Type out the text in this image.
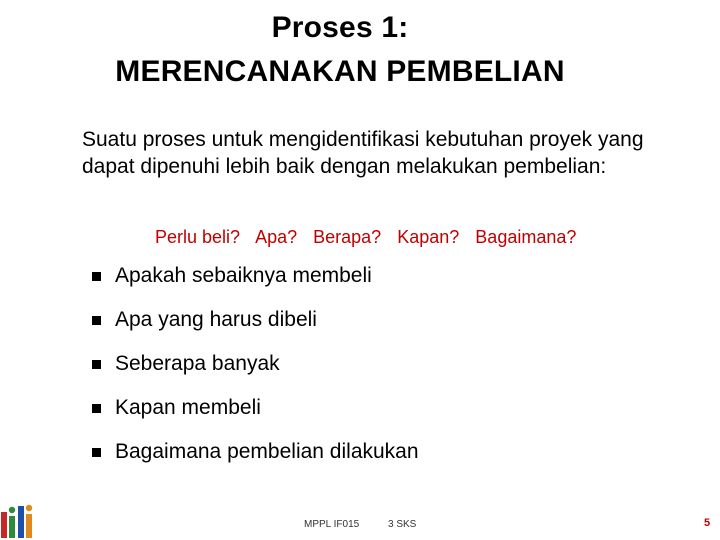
Proses 1:
MERENCANAKAN PEMBELIAN
Suatu proses untuk mengidentifikasi kebutuhan proyek yang dapat dipenuhi lebih baik dengan melakukan pembelian:
Perlu beli? Apa? Berapa? Kapan? Bagaimana?
Apakah sebaiknya membeli
Apa yang harus dibeli
Seberapa banyak
Kapan membeli
Bagaimana pembelian dilakukan
MPPL IF015	3 SKS	5
